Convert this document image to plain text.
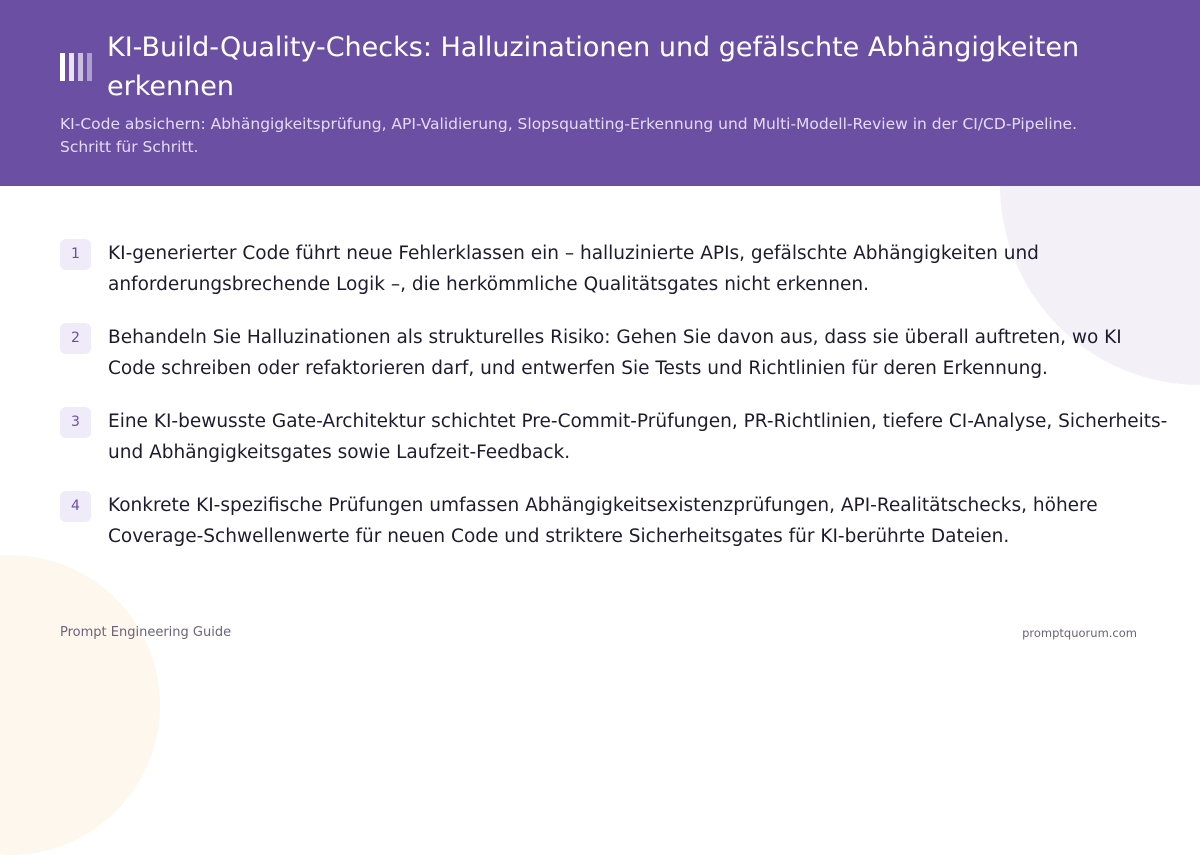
KI-Build-Quality-Checks: Halluzinationen und gefälschte Abhängigkeiten erkennen

KI-Code absichern: Abhängigkeitsprüfung, API-Validierung, Slopsquatting-Erkennung und Multi-Modell-Review in der CI/CD-Pipeline. Schritt für Schritt.

1	KI-generierter Code führt neue Fehlerklassen ein – halluzinierte APIs, gefälschte Abhängigkeiten und anforderungsbrechende Logik –, die herkömmliche Qualitätsgates nicht erkennen.
2	Behandeln Sie Halluzinationen als strukturelles Risiko: Gehen Sie davon aus, dass sie überall auftreten, wo KI Code schreiben oder refaktorieren darf, und entwerfen Sie Tests und Richtlinien für deren Erkennung.
3	Eine KI-bewusste Gate-Architektur schichtet Pre-Commit-Prüfungen, PR-Richtlinien, tiefere CI-Analyse, Sicherheits- und Abhängigkeitsgates sowie Laufzeit-Feedback.
4	Konkrete KI-spezifische Prüfungen umfassen Abhängigkeitsexistenzprüfungen, API-Realitätschecks, höhere Coverage-Schwellenwerte für neuen Code und striktere Sicherheitsgates für KI-berührte Dateien.
Prompt Engineering Guide	promptquorum.com
